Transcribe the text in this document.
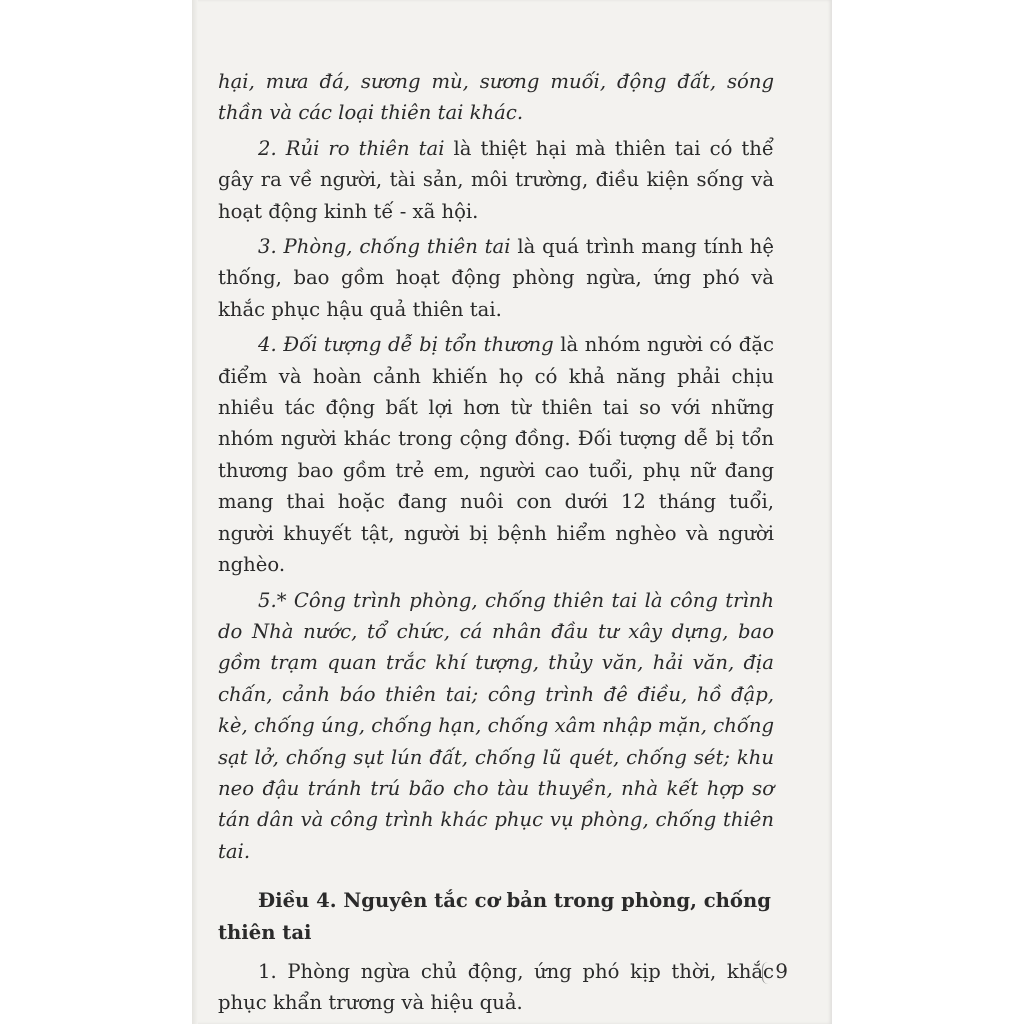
hại, mưa đá, sương mù, sương muối, động đất, sóng thần và các loại thiên tai khác.

2. Rủi ro thiên tai là thiệt hại mà thiên tai có thể gây ra về người, tài sản, môi trường, điều kiện sống và hoạt động kinh tế - xã hội.

3. Phòng, chống thiên tai là quá trình mang tính hệ thống, bao gồm hoạt động phòng ngừa, ứng phó và khắc phục hậu quả thiên tai.

4. Đối tượng dễ bị tổn thương là nhóm người có đặc điểm và hoàn cảnh khiến họ có khả năng phải chịu nhiều tác động bất lợi hơn từ thiên tai so với những nhóm người khác trong cộng đồng. Đối tượng dễ bị tổn thương bao gồm trẻ em, người cao tuổi, phụ nữ đang mang thai hoặc đang nuôi con dưới 12 tháng tuổi, người khuyết tật, người bị bệnh hiểm nghèo và người nghèo.

5.* Công trình phòng, chống thiên tai là công trình do Nhà nước, tổ chức, cá nhân đầu tư xây dựng, bao gồm trạm quan trắc khí tượng, thủy văn, hải văn, địa chấn, cảnh báo thiên tai; công trình đê điều, hồ đập, kè, chống úng, chống hạn, chống xâm nhập mặn, chống sạt lở, chống sụt lún đất, chống lũ quét, chống sét; khu neo đậu tránh trú bão cho tàu thuyền, nhà kết hợp sơ tán dân và công trình khác phục vụ phòng, chống thiên tai.

Điều 4. Nguyên tắc cơ bản trong phòng, chống thiên tai

1. Phòng ngừa chủ động, ứng phó kịp thời, khắc phục khẩn trương và hiệu quả.

9
